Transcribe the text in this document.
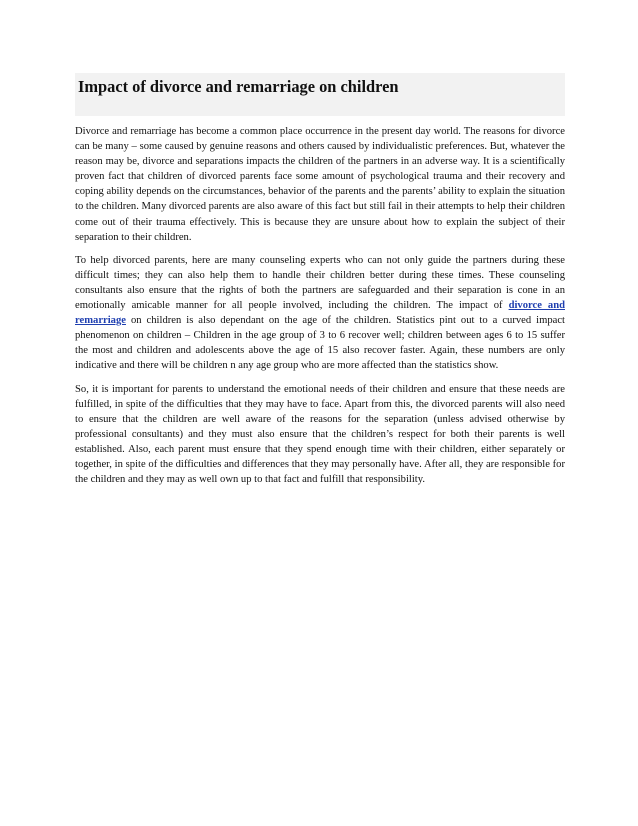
Impact of divorce and remarriage on children

Divorce and remarriage has become a common place occurrence in the present day world. The reasons for divorce can be many – some caused by genuine reasons and others caused by individualistic preferences. But, whatever the reason may be, divorce and separations impacts the children of the partners in an adverse way. It is a scientifically proven fact that children of divorced parents face some amount of psychological trauma and their recovery and coping ability depends on the circumstances, behavior of the parents and the parents’ ability to explain the situation to the children. Many divorced parents are also aware of this fact but still fail in their attempts to help their children come out of their trauma effectively. This is because they are unsure about how to explain the subject of their separation to their children.

To help divorced parents, here are many counseling experts who can not only guide the partners during these difficult times; they can also help them to handle their children better during these times. These counseling consultants also ensure that the rights of both the partners are safeguarded and their separation is cone in an emotionally amicable manner for all people involved, including the children. The impact of divorce and remarriage on children is also dependant on the age of the children. Statistics pint out to a curved impact phenomenon on children – Children in the age group of 3 to 6 recover well; children between ages 6 to 15 suffer the most and children and adolescents above the age of 15 also recover faster. Again, these numbers are only indicative and there will be children n any age group who are more affected than the statistics show.

So, it is important for parents to understand the emotional needs of their children and ensure that these needs are fulfilled, in spite of the difficulties that they may have to face. Apart from this, the divorced parents will also need to ensure that the children are well aware of the reasons for the separation (unless advised otherwise by professional consultants) and they must also ensure that the children’s respect for both their parents is well established. Also, each parent must ensure that they spend enough time with their children, either separately or together, in spite of the difficulties and differences that they may personally have. After all, they are responsible for the children and they may as well own up to that fact and fulfill that responsibility.
